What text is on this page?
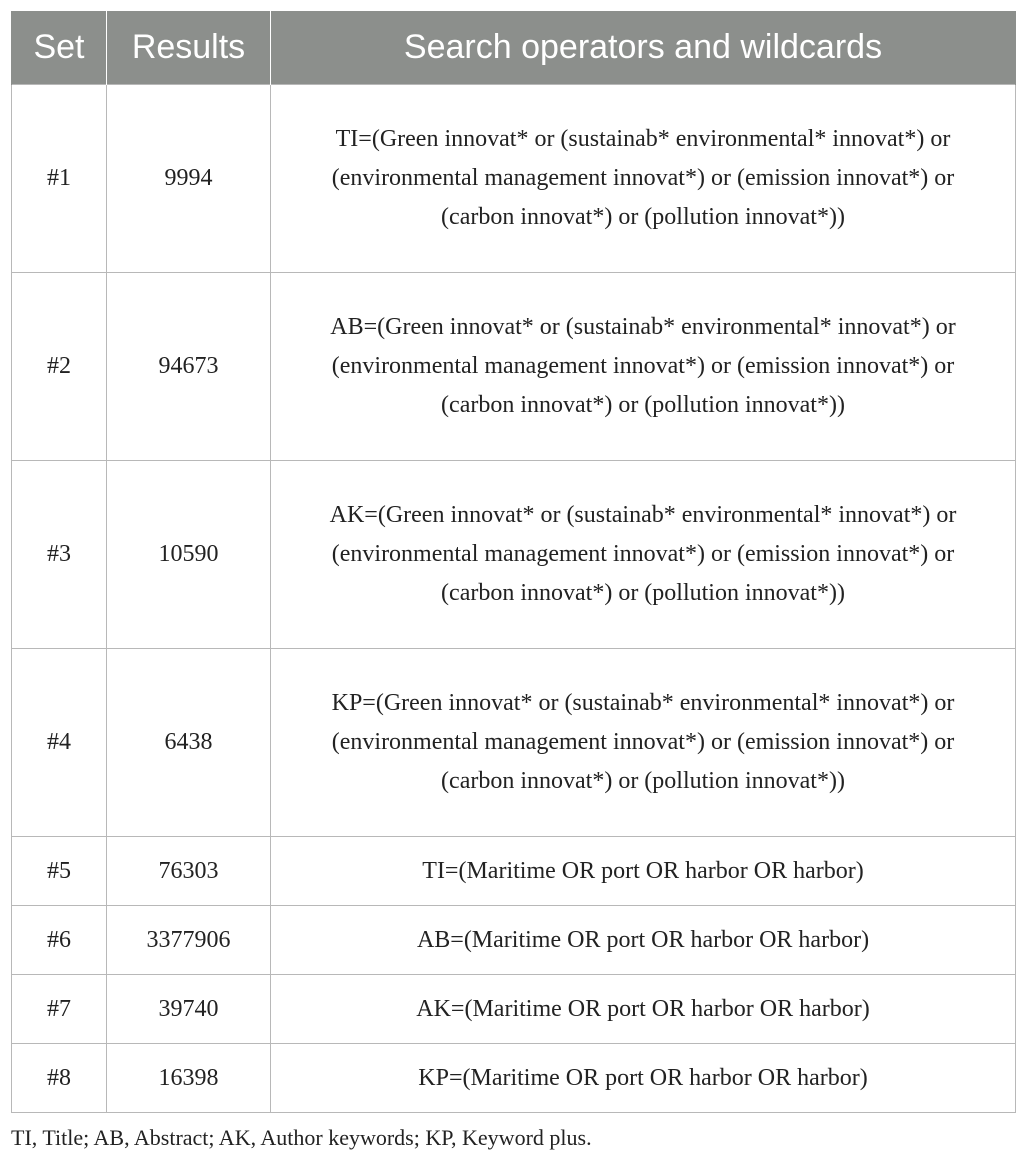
Set	Results	Search operators and wildcards
#1	9994	TI=(Green innovat* or (sustainab* environmental* innovat*) or (environmental management innovat*) or (emission innovat*) or (carbon innovat*) or (pollution innovat*))
#2	94673	AB=(Green innovat* or (sustainab* environmental* innovat*) or (environmental management innovat*) or (emission innovat*) or (carbon innovat*) or (pollution innovat*))
#3	10590	AK=(Green innovat* or (sustainab* environmental* innovat*) or (environmental management innovat*) or (emission innovat*) or (carbon innovat*) or (pollution innovat*))
#4	6438	KP=(Green innovat* or (sustainab* environmental* innovat*) or (environmental management innovat*) or (emission innovat*) or (carbon innovat*) or (pollution innovat*))
#5	76303	TI=(Maritime OR port OR harbor OR harbor)
#6	3377906	AB=(Maritime OR port OR harbor OR harbor)
#7	39740	AK=(Maritime OR port OR harbor OR harbor)
#8	16398	KP=(Maritime OR port OR harbor OR harbor)
TI, Title; AB, Abstract; AK, Author keywords; KP, Keyword plus.
